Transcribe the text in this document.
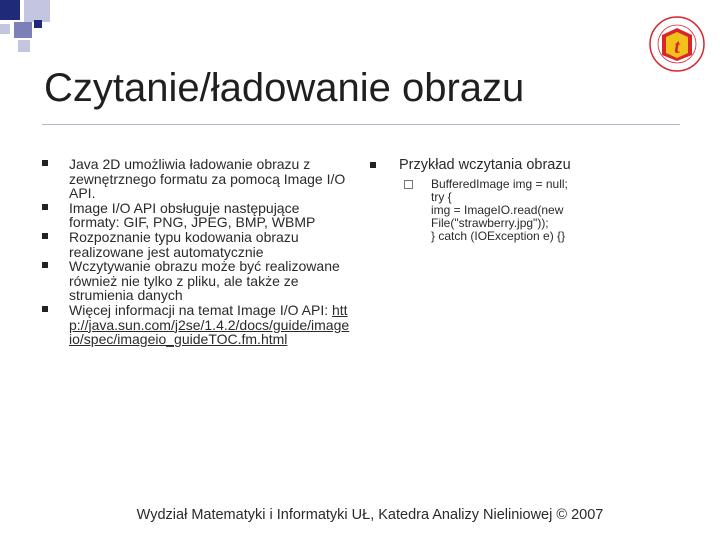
t
Czytanie/ładowanie obrazu
Java 2D umożliwia ładowanie obrazu z zewnętrznego formatu za pomocą Image I/O API.
Image I/O API obsługuje następujące formaty: GIF, PNG, JPEG, BMP, WBMP
Rozpoznanie typu kodowania obrazu realizowane jest automatycznie
Wczytywanie obrazu może być realizowane również nie tylko z pliku, ale także ze strumienia danych
Więcej informacji na temat Image I/O API: http://java.sun.com/j2se/1.4.2/docs/guide/imageio/spec/imageio_guideTOC.fm.html
Przykład wczytania obrazu
BufferedImage img = null;
try {
img = ImageIO.read(new
File("strawberry.jpg"));
} catch (IOException e) {}
Wydział Matematyki i Informatyki UŁ, Katedra Analizy Nieliniowej © 2007
